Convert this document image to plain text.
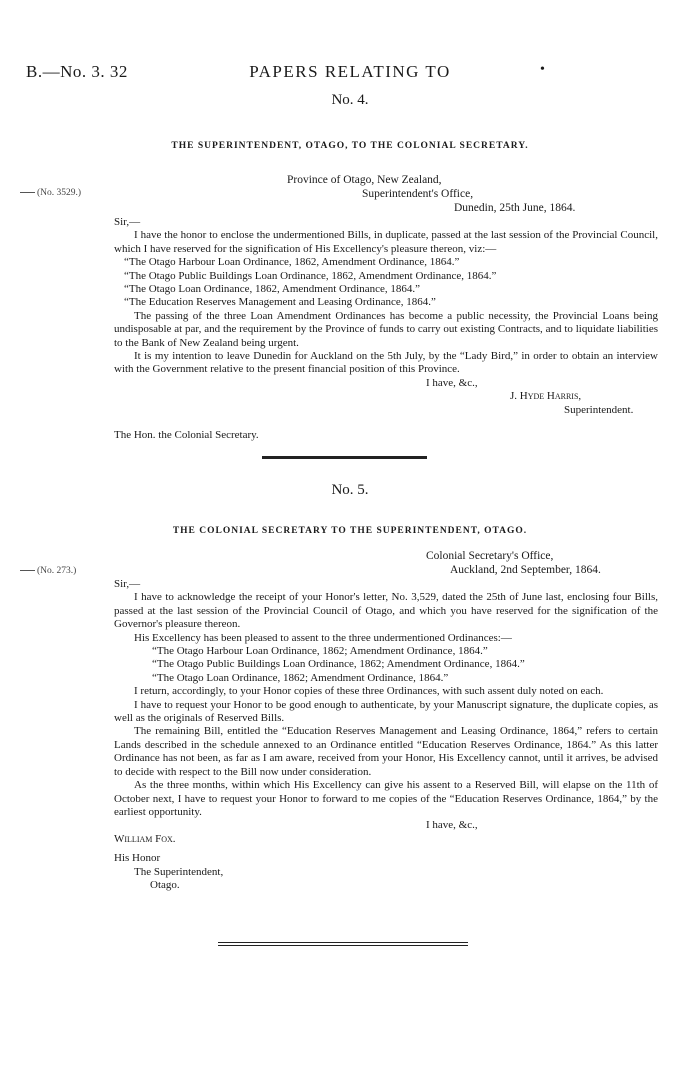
B.—No. 3. 32	PAPERS RELATING TO	•
No. 4.
THE SUPERINTENDENT, OTAGO, TO THE COLONIAL SECRETARY.
(No. 3529.)
Province of Otago, New Zealand,
Superintendent's Office,
Dunedin, 25th June, 1864.

Sir,—

I have the honor to enclose the undermentioned Bills, in duplicate, passed at the last session of the Provincial Council, which I have reserved for the signification of His Excellency's pleasure thereon, viz:—

“The Otago Harbour Loan Ordinance, 1862, Amendment Ordinance, 1864.”

“The Otago Public Buildings Loan Ordinance, 1862, Amendment Ordinance, 1864.”

“The Otago Loan Ordinance, 1862, Amendment Ordinance, 1864.”

“The Education Reserves Management and Leasing Ordinance, 1864.”

The passing of the three Loan Amendment Ordinances has become a public necessity, the Provincial Loans being undisposable at par, and the requirement by the Province of funds to carry out existing Contracts, and to liquidate liabilities to the Bank of New Zealand being urgent.

It is my intention to leave Dunedin for Auckland on the 5th July, by the “Lady Bird,” in order to obtain an interview with the Government relative to the present financial position of this Province.

I have, &c.,

J. Hyde Harris,

Superintendent.

The Hon. the Colonial Secretary.

No. 5.
THE COLONIAL SECRETARY TO THE SUPERINTENDENT, OTAGO.
(No. 273.)
Colonial Secretary's Office,
Auckland, 2nd September, 1864.

Sir,—

I have to acknowledge the receipt of your Honor's letter, No. 3,529, dated the 25th of June last, enclosing four Bills, passed at the last session of the Provincial Council of Otago, and which you have reserved for the signification of the Governor's pleasure thereon.

His Excellency has been pleased to assent to the three undermentioned Ordinances:—

“The Otago Harbour Loan Ordinance, 1862; Amendment Ordinance, 1864.”

“The Otago Public Buildings Loan Ordinance, 1862; Amendment Ordinance, 1864.”

“The Otago Loan Ordinance, 1862; Amendment Ordinance, 1864.”

I return, accordingly, to your Honor copies of these three Ordinances, with such assent duly noted on each.

I have to request your Honor to be good enough to authenticate, by your Manuscript signature, the duplicate copies, as well as the originals of Reserved Bills.

The remaining Bill, entitled the “Education Reserves Management and Leasing Ordinance, 1864,” refers to certain Lands described in the schedule annexed to an Ordinance entitled “Education Reserves Ordinance, 1864.” As this latter Ordinance has not been, as far as I am aware, received from your Honor, His Excellency cannot, until it arrives, be advised to decide with respect to the Bill now under consideration.

As the three months, within which His Excellency can give his assent to a Reserved Bill, will elapse on the 11th of October next, I have to request your Honor to forward to me copies of the “Education Reserves Ordinance, 1864,” by the earliest opportunity.

I have, &c.,

William Fox.

His Honor

The Superintendent,

Otago.
